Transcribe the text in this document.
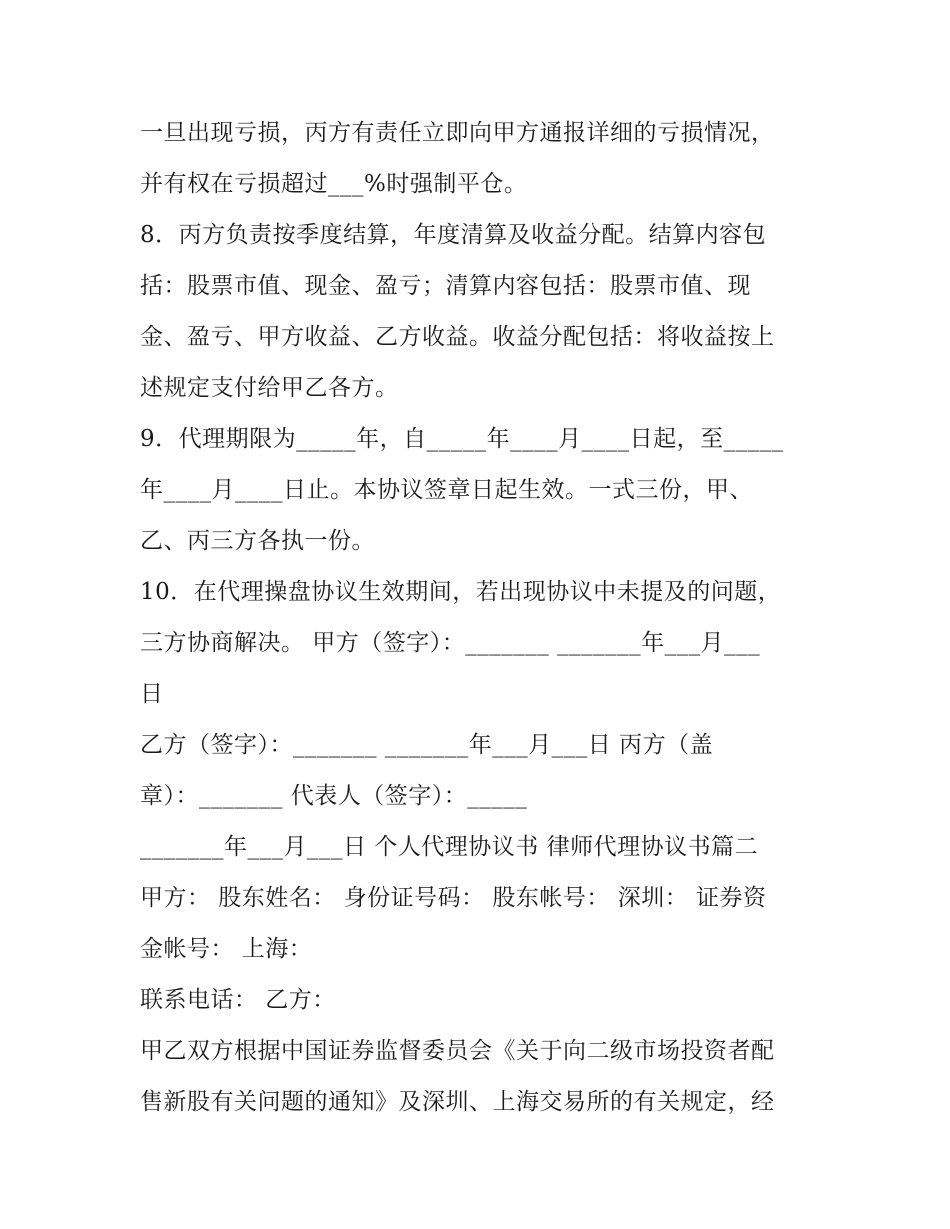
一旦出现亏损，丙方有责任立即向甲方通报详细的亏损情况，
并有权在亏损超过___%时强制平仓。
8．丙方负责按季度结算，年度清算及收益分配。结算内容包
括：股票市值、现金、盈亏；清算内容包括：股票市值、现
金、盈亏、甲方收益、乙方收益。收益分配包括：将收益按上
述规定支付给甲乙各方。
9．代理期限为_____年，自_____年____月____日起，至_____
年____月____日止。本协议签章日起生效。一式三份，甲、
乙、丙三方各执一份。
10．在代理操盘协议生效期间，若出现协议中未提及的问题，
三方协商解决。 甲方（签字）：_______ _______年___月___
日
乙方（签字）：_______ _______年___月___日 丙方（盖
章）：_______ 代表人（签字）：_____
_______年___月___日 个人代理协议书 律师代理协议书篇二
甲方： 股东姓名： 身份证号码： 股东帐号： 深圳： 证券资
金帐号： 上海：
联系电话： 乙方：
甲乙双方根据中国证券监督委员会《关于向二级市场投资者配
售新股有关问题的通知》及深圳、上海交易所的有关规定，经
